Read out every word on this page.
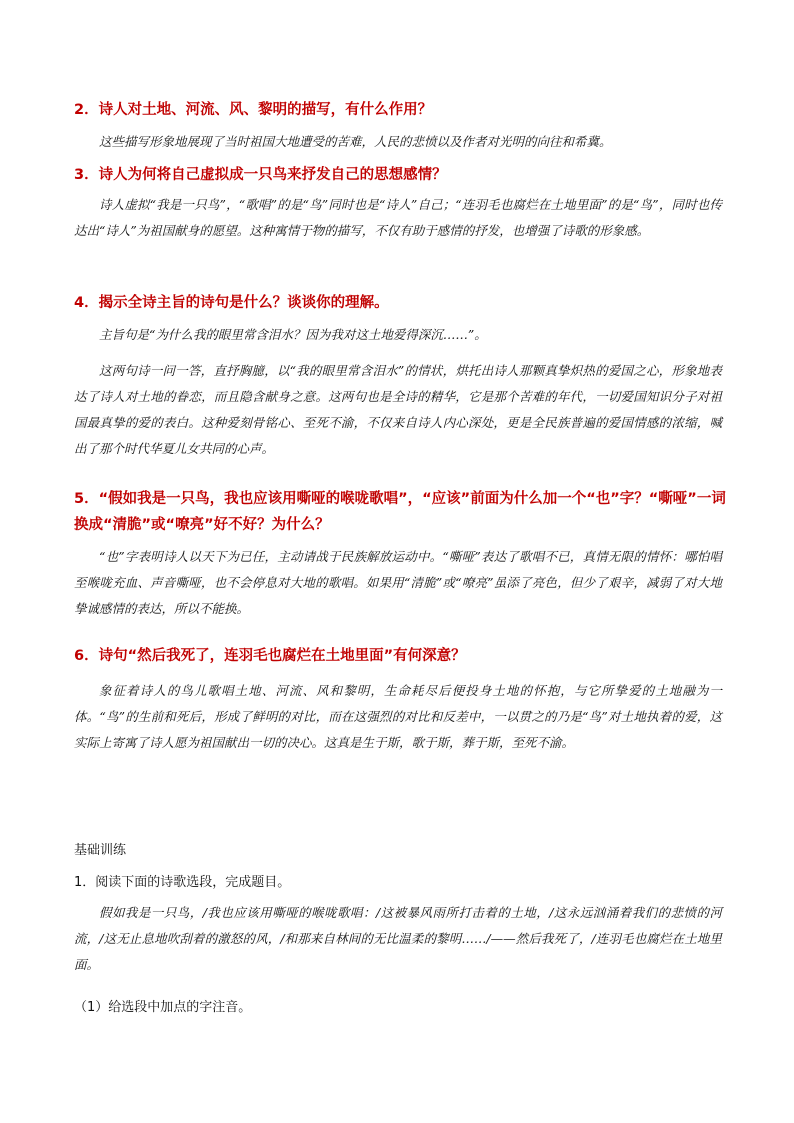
2．诗人对土地、河流、风、黎明的描写，有什么作用？
这些描写形象地展现了当时祖国大地遭受的苦难，人民的悲愤以及作者对光明的向往和希冀。
3．诗人为何将自己虚拟成一只鸟来抒发自己的思想感情？
诗人虚拟“我是一只鸟”，“歌唱”的是“鸟”同时也是“诗人”自己；“连羽毛也腐烂在土地里面”的是“鸟”，同时也传达出“诗人”为祖国献身的愿望。这种寓情于物的描写，不仅有助于感情的抒发，也增强了诗歌的形象感。
4．揭示全诗主旨的诗句是什么？谈谈你的理解。
主旨句是“为什么我的眼里常含泪水？因为我对这土地爱得深沉……”。
这两句诗一问一答，直抒胸臆，以“我的眼里常含泪水”的情状，烘托出诗人那颗真挚炽热的爱国之心，形象地表达了诗人对土地的眷恋，而且隐含献身之意。这两句也是全诗的精华，它是那个苦难的年代，一切爱国知识分子对祖国最真挚的爱的表白。这种爱刻骨铭心、至死不渝，不仅来自诗人内心深处，更是全民族普遍的爱国情感的浓缩，喊出了那个时代华夏儿女共同的心声。
5．“假如我是一只鸟，我也应该用嘶哑的喉咙歌唱”，“应该”前面为什么加一个“也”字？“嘶哑”一词换成“清脆”或“嘹亮”好不好？为什么？
“也”字表明诗人以天下为已任，主动请战于民族解放运动中。“嘶哑”表达了歌唱不已，真情无限的情怀：哪怕唱至喉咙充血、声音嘶哑，也不会停息对大地的歌唱。如果用“清脆”或“嘹亮”虽添了亮色，但少了艰辛，减弱了对大地挚诚感情的表达，所以不能换。
6．诗句“然后我死了，连羽毛也腐烂在土地里面”有何深意？
象征着诗人的鸟儿歌唱土地、河流、风和黎明，生命耗尽后便投身土地的怀抱，与它所挚爱的土地融为一体。“鸟”的生前和死后，形成了鲜明的对比，而在这强烈的对比和反差中，一以贯之的乃是“鸟”对土地执着的爱，这实际上寄寓了诗人愿为祖国献出一切的决心。这真是生于斯，歌于斯，葬于斯，至死不渝。
基础训练
1．阅读下面的诗歌选段，完成题目。
假如我是一只鸟，/我也应该用嘶哑的喉咙歌唱：/这被暴风雨所打击着的土地，/这永远汹涌着我们的悲愤的河流，/这无止息地吹刮着的激怒的风，/和那来自林间的无比温柔的黎明……/——然后我死了，/连羽毛也腐烂在土地里面。
（1）给选段中加点的字注音。
